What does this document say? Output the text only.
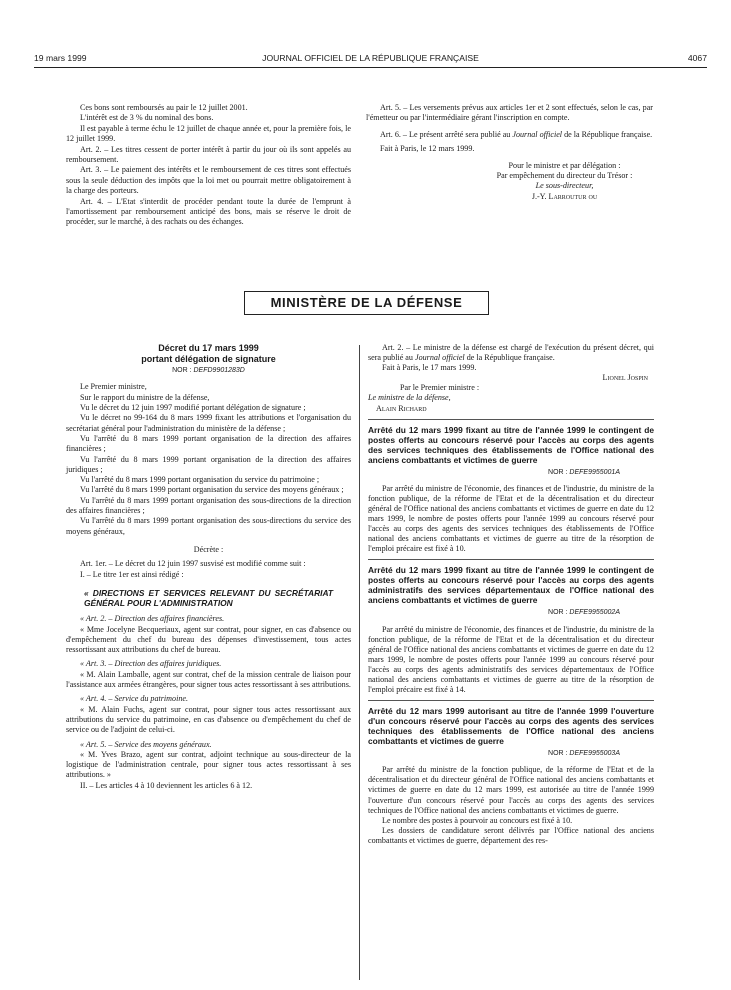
19 mars 1999	JOURNAL OFFICIEL DE LA RÉPUBLIQUE FRANÇAISE	4067

Ces bons sont remboursés au pair le 12 juillet 2001.

L'intérêt est de 3 % du nominal des bons.

Il est payable à terme échu le 12 juillet de chaque année et, pour la première fois, le 12 juillet 1999.

Art. 2. – Les titres cessent de porter intérêt à partir du jour où ils sont appelés au remboursement.

Art. 3. – Le paiement des intérêts et le remboursement de ces titres sont effectués sous la seule déduction des impôts que la loi met ou pourrait mettre obligatoirement à la charge des porteurs.

Art. 4. – L'Etat s'interdit de procéder pendant toute la durée de l'emprunt à l'amortissement par remboursement anticipé des bons, mais se réserve le droit de procéder, sur le marché, à des rachats ou des échanges.

Art. 5. – Les versements prévus aux articles 1er et 2 sont effectués, selon le cas, par l'émetteur ou par l'intermédiaire gérant l'inscription en compte.

Art. 6. – Le présent arrêté sera publié au Journal officiel de la République française.

Fait à Paris, le 12 mars 1999.

Pour le ministre et par délégation :

Par empêchement du directeur du Trésor :

Le sous-directeur,

J.-Y. Larroutur ou

MINISTÈRE DE LA DÉFENSE
Décret du 17 mars 1999
portant délégation de signature
NOR : DEFD9901283D

Le Premier ministre,

Sur le rapport du ministre de la défense,

Vu le décret du 12 juin 1997 modifié portant délégation de signature ;

Vu le décret no 99-164 du 8 mars 1999 fixant les attributions et l'organisation du secrétariat général pour l'administration du ministère de la défense ;

Vu l'arrêté du 8 mars 1999 portant organisation de la direction des affaires financières ;

Vu l'arrêté du 8 mars 1999 portant organisation de la direction des affaires juridiques ;

Vu l'arrêté du 8 mars 1999 portant organisation du service du patrimoine ;

Vu l'arrêté du 8 mars 1999 portant organisation du service des moyens généraux ;

Vu l'arrêté du 8 mars 1999 portant organisation des sous-directions de la direction des affaires financières ;

Vu l'arrêté du 8 mars 1999 portant organisation des sous-directions du service des moyens généraux,

Décrète :

Art. 1er. – Le décret du 12 juin 1997 susvisé est modifié comme suit :

I. – Le titre 1er est ainsi rédigé :

« DIRECTIONS ET SERVICES RELEVANT DU SECRÉTARIAT GÉNÉRAL POUR L'ADMINISTRATION

« Art. 2. – Direction des affaires financières.

« Mme Jocelyne Becqueriaux, agent sur contrat, pour signer, en cas d'absence ou d'empêchement du chef du bureau des dépenses d'investissement, tous actes ressortissant aux attributions du chef de bureau.

« Art. 3. – Direction des affaires juridiques.

« M. Alain Lamballe, agent sur contrat, chef de la mission centrale de liaison pour l'assistance aux armées étrangères, pour signer tous actes ressortissant à ses attributions.

« Art. 4. – Service du patrimoine.

« M. Alain Fuchs, agent sur contrat, pour signer tous actes ressortissant aux attributions du service du patrimoine, en cas d'absence ou d'empêchement du chef de service ou de l'adjoint de celui-ci.

« Art. 5. – Service des moyens généraux.

« M. Yves Brazo, agent sur contrat, adjoint technique au sous-directeur de la logistique de l'administration centrale, pour signer tous actes ressortissant à ses attributions. »

II. – Les articles 4 à 10 deviennent les articles 6 à 12.

Art. 2. – Le ministre de la défense est chargé de l'exécution du présent décret, qui sera publié au Journal officiel de la République française.

Fait à Paris, le 17 mars 1999.

Lionel Jospin

Par le Premier ministre :

Le ministre de la défense,

Alain Richard

Arrêté du 12 mars 1999 fixant au titre de l'année 1999 le contingent de postes offerts au concours réservé pour l'accès au corps des agents des services techniques des établissements de l'Office national des anciens combattants et victimes de guerre
NOR : DEFE9955001A

Par arrêté du ministre de l'économie, des finances et de l'industrie, du ministre de la fonction publique, de la réforme de l'Etat et de la décentralisation et du directeur général de l'Office national des anciens combattants et victimes de guerre en date du 12 mars 1999, le nombre de postes offerts pour l'année 1999 au concours réservé pour l'accès au corps des agents des services techniques des établissements de l'Office national des anciens combattants et victimes de guerre au titre de la résorption de l'emploi précaire est fixé à 10.

Arrêté du 12 mars 1999 fixant au titre de l'année 1999 le contingent de postes offerts au concours réservé pour l'accès au corps des agents administratifs des services départementaux de l'Office national des anciens combattants et victimes de guerre
NOR : DEFE9955002A

Par arrêté du ministre de l'économie, des finances et de l'industrie, du ministre de la fonction publique, de la réforme de l'Etat et de la décentralisation et du directeur général de l'Office national des anciens combattants et victimes de guerre en date du 12 mars 1999, le nombre de postes offerts pour l'année 1999 au concours réservé pour l'accès au corps des agents administratifs des services départementaux de l'Office national des anciens combattants et victimes de guerre au titre de la résorption de l'emploi précaire est fixé à 14.

Arrêté du 12 mars 1999 autorisant au titre de l'année 1999 l'ouverture d'un concours réservé pour l'accès au corps des agents des services techniques des établissements de l'Office national des anciens combattants et victimes de guerre
NOR : DEFE9955003A

Par arrêté du ministre de la fonction publique, de la réforme de l'Etat et de la décentralisation et du directeur général de l'Office national des anciens combattants et victimes de guerre en date du 12 mars 1999, est autorisée au titre de l'année 1999 l'ouverture d'un concours réservé pour l'accès au corps des agents des services techniques de l'Office national des anciens combattants et victimes de guerre.

Le nombre des postes à pourvoir au concours est fixé à 10.

Les dossiers de candidature seront délivrés par l'Office national des anciens combattants et victimes de guerre, département des res-
